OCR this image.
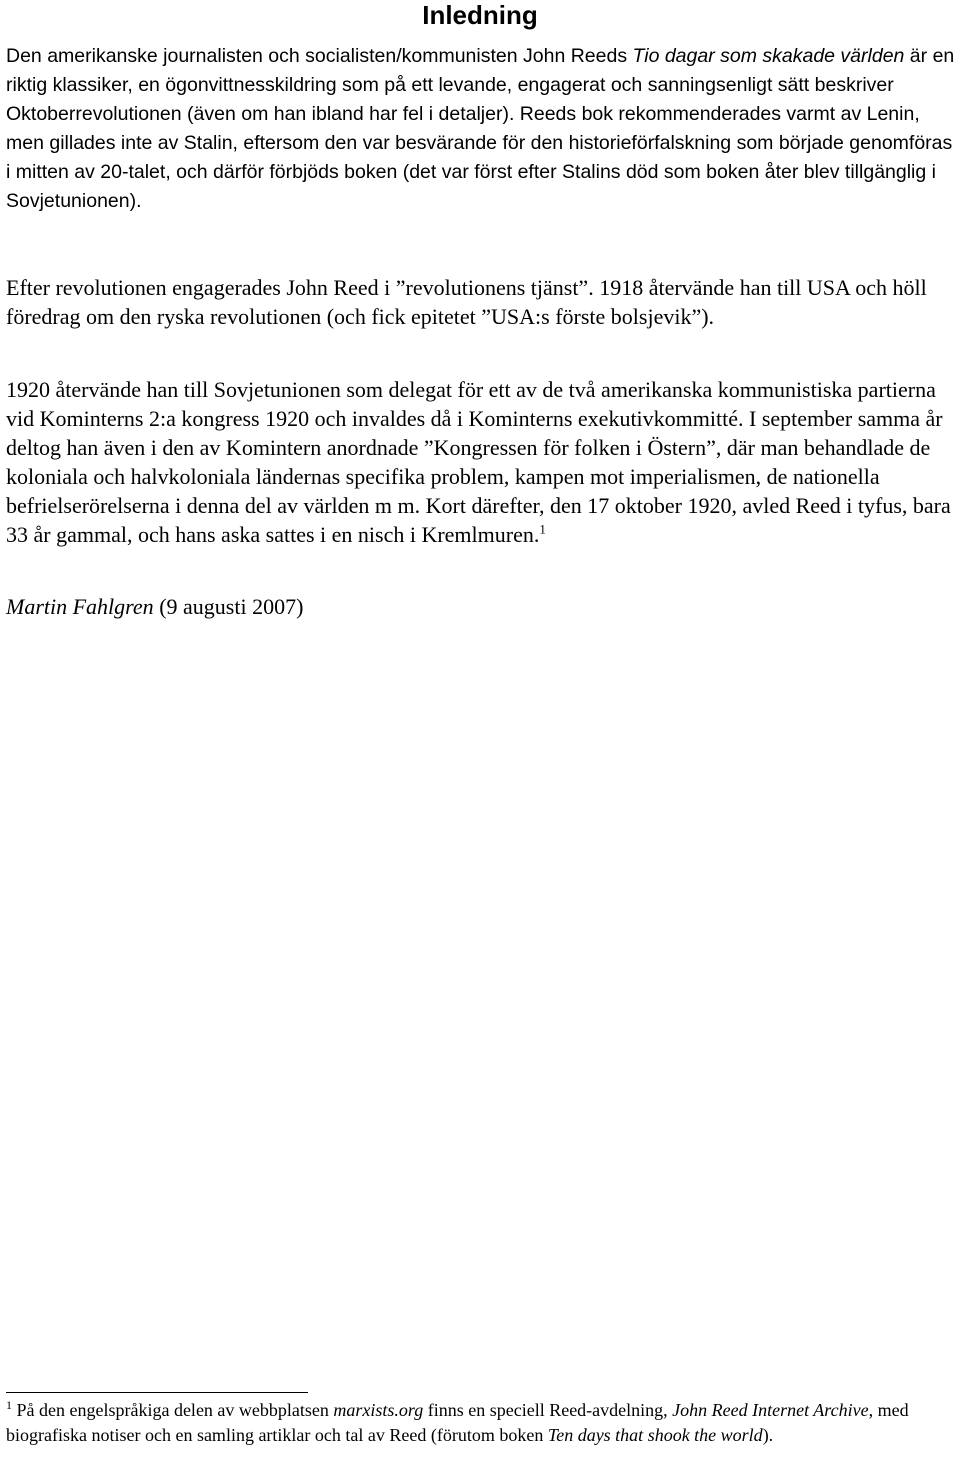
Inledning

Den amerikanske journalisten och socialisten/kommunisten John Reeds Tio dagar som skakade världen är en riktig klassiker, en ögonvittnesskildring som på ett levande, engagerat och sanningsenligt sätt beskriver Oktoberrevolutionen (även om han ibland har fel i detaljer). Reeds bok rekommenderades varmt av Lenin, men gillades inte av Stalin, eftersom den var besvärande för den historieförfalskning som började genomföras i mitten av 20-talet, och därför förbjöds boken (det var först efter Stalins död som boken åter blev tillgänglig i Sovjetunionen).

Efter revolutionen engagerades John Reed i ”revolutionens tjänst”. 1918 återvände han till USA och höll föredrag om den ryska revolutionen (och fick epitetet ”USA:s förste bolsjevik”).

1920 återvände han till Sovjetunionen som delegat för ett av de två amerikanska kommunistiska partierna vid Kominterns 2:a kongress 1920 och invaldes då i Kominterns exekutivkommitté. I september samma år deltog han även i den av Komintern anordnade ”Kongressen för folken i Östern”, där man behandlade de koloniala och halvkoloniala ländernas specifika problem, kampen mot imperialismen, de nationella befrielserörelserna i denna del av världen m m. Kort därefter, den 17 oktober 1920, avled Reed i tyfus, bara 33 år gammal, och hans aska sattes i en nisch i Kremlmuren.$^1$

Martin Fahlgren (9 augusti 2007)

$^1$ På den engelspråkiga delen av webbplatsen marxists.org finns en speciell Reed-avdelning, John Reed Internet Archive, med biografiska notiser och en samling artiklar och tal av Reed (förutom boken Ten days that shook the world).
